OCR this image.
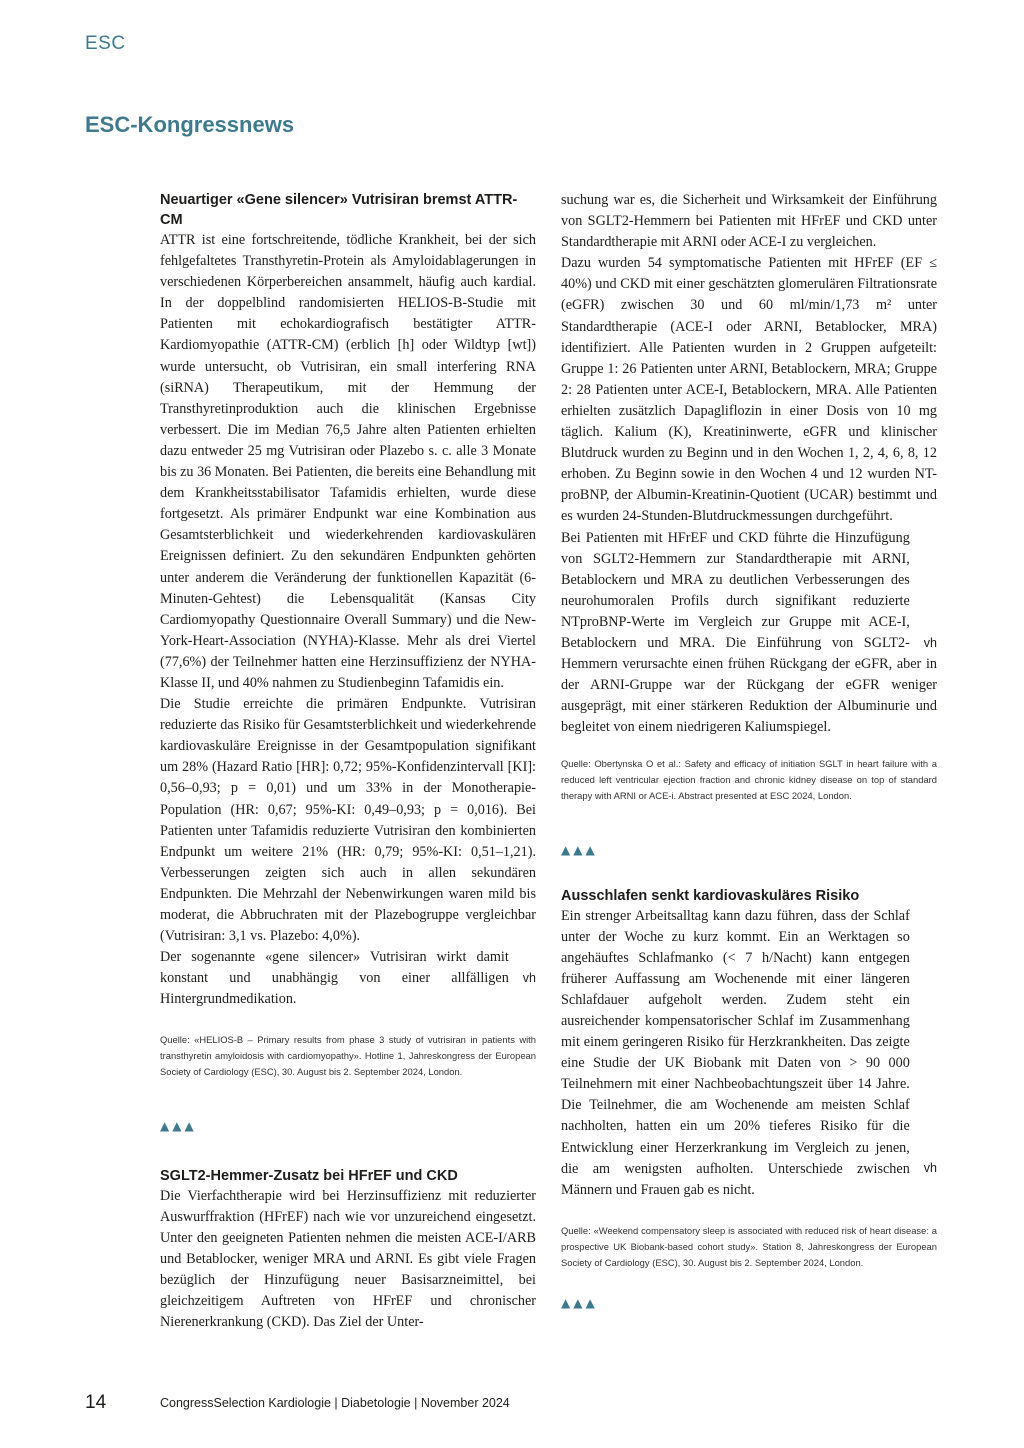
ESC
ESC-Kongressnews
Neuartiger «Gene silencer» Vutrisiran bremst ATTR-CM

ATTR ist eine fortschreitende, tödliche Krankheit, bei der sich fehlgefaltetes Transthyretin-Protein als Amyloidablagerungen in verschiedenen Körperbereichen ansammelt, häufig auch kardial. In der doppelblind randomisierten HELIOS-B-Studie mit Patienten mit echokardiografisch bestätigter ATTR-Kardiomyopathie (ATTR-CM) (erblich [h] oder Wildtyp [wt]) wurde untersucht, ob Vutrisiran, ein small interfering RNA (siRNA) Therapeutikum, mit der Hemmung der Transthyretinproduktion auch die klinischen Ergebnisse verbessert. Die im Median 76,5 Jahre alten Patienten erhielten dazu entweder 25 mg Vutrisiran oder Plazebo s. c. alle 3 Monate bis zu 36 Monaten. Bei Patienten, die bereits eine Behandlung mit dem Krankheitsstabilisator Tafamidis erhielten, wurde diese fortgesetzt. Als primärer Endpunkt war eine Kombination aus Gesamtsterblichkeit und wiederkehrenden kardiovaskulären Ereignissen definiert. Zu den sekundären Endpunkten gehörten unter anderem die Veränderung der funktionellen Kapazität (6-Minuten-Gehtest) die Lebensqualität (Kansas City Cardiomyopathy Questionnaire Overall Summary) und die New-York-Heart-Association (NYHA)-Klasse. Mehr als drei Viertel (77,6%) der Teilnehmer hatten eine Herzinsuffizienz der NYHA-Klasse II, und 40% nahmen zu Studienbeginn Tafamidis ein.

Die Studie erreichte die primären Endpunkte. Vutrisiran reduzierte das Risiko für Gesamtsterblichkeit und wiederkehrende kardiovaskuläre Ereignisse in der Gesamtpopulation signifikant um 28% (Hazard Ratio [HR]: 0,72; 95%-Konfidenzintervall [KI]: 0,56–0,93; p = 0,01) und um 33% in der Monotherapie-Population (HR: 0,67; 95%-KI: 0,49–0,93; p = 0,016). Bei Patienten unter Tafamidis reduzierte Vutrisiran den kombinierten Endpunkt um weitere 21% (HR: 0,79; 95%-KI: 0,51–1,21). Verbesserungen zeigten sich auch in allen sekundären Endpunkten. Die Mehrzahl der Nebenwirkungen waren mild bis moderat, die Abbruchraten mit der Plazebogruppe vergleichbar (Vutrisiran: 3,1 vs. Plazebo: 4,0%).

vh
Der sogenannte «gene silencer» Vutrisiran wirkt damit konstant und unabhängig von einer allfälligen Hintergrundmedikation.

Quelle: «HELIOS-B – Primary results from phase 3 study of vutrisiran in patients with transthyretin amyloidosis with cardiomyopathy». Hotline 1, Jahreskongress der European Society of Cardiology (ESC), 30. August bis 2. September 2024, London.

▲▲▲

SGLT2-Hemmer-Zusatz bei HFrEF und CKD

Die Vierfachtherapie wird bei Herzinsuffizienz mit reduzierter Auswurffraktion (HFrEF) nach wie vor unzureichend eingesetzt. Unter den geeigneten Patienten nehmen die meisten ACE-I/ARB und Betablocker, weniger MRA und ARNI. Es gibt viele Fragen bezüglich der Hinzufügung neuer Basisarzneimittel, bei gleichzeitigem Auftreten von HFrEF und chronischer Nierenerkrankung (CKD). Das Ziel der Unter-

suchung war es, die Sicherheit und Wirksamkeit der Einführung von SGLT2-Hemmern bei Patienten mit HFrEF und CKD unter Standardtherapie mit ARNI oder ACE-I zu vergleichen.

Dazu wurden 54 symptomatische Patienten mit HFrEF (EF ≤ 40%) und CKD mit einer geschätzten glomerulären Filtrationsrate (eGFR) zwischen 30 und 60 ml/min/1,73 m² unter Standardtherapie (ACE-I oder ARNI, Betablocker, MRA) identifiziert. Alle Patienten wurden in 2 Gruppen aufgeteilt: Gruppe 1: 26 Patienten unter ARNI, Betablockern, MRA; Gruppe 2: 28 Patienten unter ACE-I, Betablockern, MRA. Alle Patienten erhielten zusätzlich Dapagliflozin in einer Dosis von 10 mg täglich. Kalium (K), Kreatininwerte, eGFR und klinischer Blutdruck wurden zu Beginn und in den Wochen 1, 2, 4, 6, 8, 12 erhoben. Zu Beginn sowie in den Wochen 4 und 12 wurden NT-proBNP, der Albumin-Kreatinin-Quotient (UCAR) bestimmt und es wurden 24-Stunden-Blutdruckmessungen durchgeführt.

vh
Bei Patienten mit HFrEF und CKD führte die Hinzufügung von SGLT2-Hemmern zur Standardtherapie mit ARNI, Betablockern und MRA zu deutlichen Verbesserungen des neurohumoralen Profils durch signifikant reduzierte NTproBNP-Werte im Vergleich zur Gruppe mit ACE-I, Betablockern und MRA. Die Einführung von SGLT2-Hemmern verursachte einen frühen Rückgang der eGFR, aber in der ARNI-Gruppe war der Rückgang der eGFR weniger ausgeprägt, mit einer stärkeren Reduktion der Albuminurie und begleitet von einem niedrigeren Kaliumspiegel.

Quelle: Obertynska O et al.: Safety and efficacy of initiation SGLT in heart failure with a reduced left ventricular ejection fraction and chronic kidney disease on top of standard therapy with ARNI or ACE-i. Abstract presented at ESC 2024, London.

▲▲▲

Ausschlafen senkt kardiovaskuläres Risiko

vh
Ein strenger Arbeitsalltag kann dazu führen, dass der Schlaf unter der Woche zu kurz kommt. Ein an Werktagen so angehäuftes Schlafmanko (< 7 h/Nacht) kann entgegen früherer Auffassung am Wochenende mit einer längeren Schlafdauer aufgeholt werden. Zudem steht ein ausreichender kompensatorischer Schlaf im Zusammenhang mit einem geringeren Risiko für Herzkrankheiten. Das zeigte eine Studie der UK Biobank mit Daten von > 90 000 Teilnehmern mit einer Nachbeobachtungszeit über 14 Jahre. Die Teilnehmer, die am Wochenende am meisten Schlaf nachholten, hatten ein um 20% tieferes Risiko für die Entwicklung einer Herzerkrankung im Vergleich zu jenen, die am wenigsten aufholten. Unterschiede zwischen Männern und Frauen gab es nicht.

Quelle: «Weekend compensatory sleep is associated with reduced risk of heart disease: a prospective UK Biobank-based cohort study». Station 8, Jahreskongress der European Society of Cardiology (ESC), 30. August bis 2. September 2024, London.

▲▲▲

14	CongressSelection Kardiologie | Diabetologie | November 2024
